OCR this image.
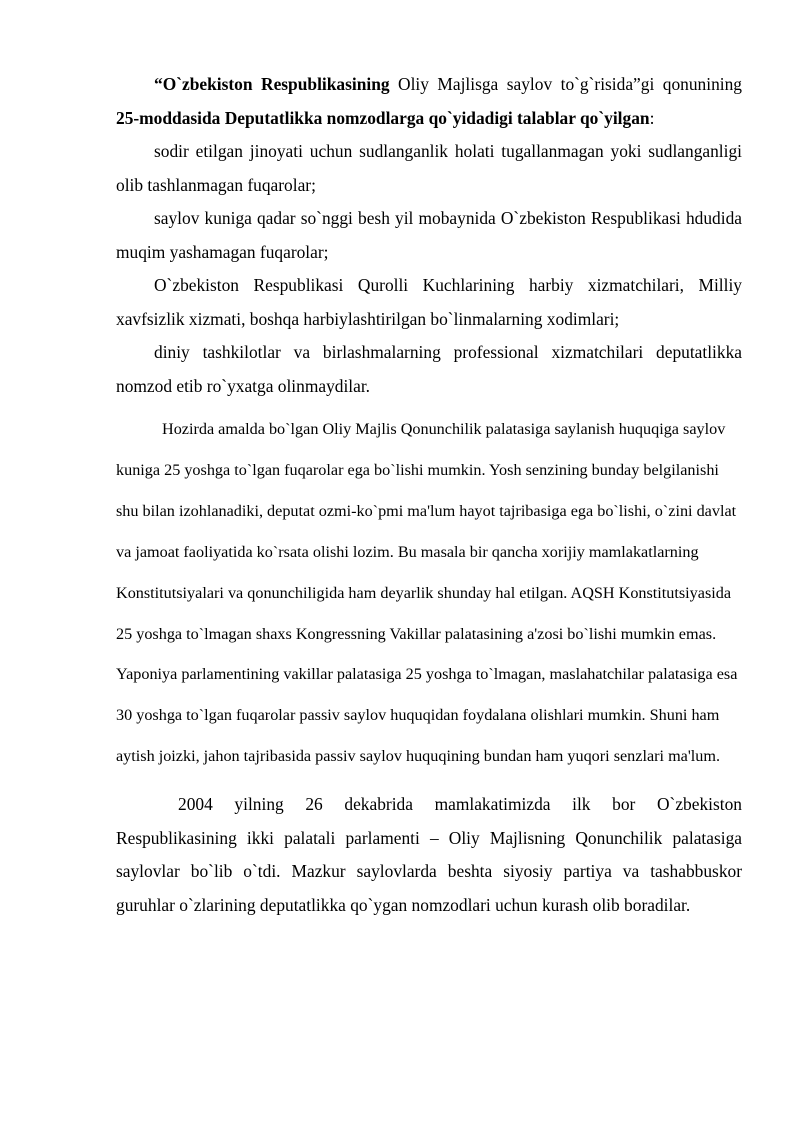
“O`zbekiston Respublikasining Oliy Majlisga saylov to`g`risida”gi qonunining 25-moddasida Deputatlikka nomzodlarga qo`yidadigi talablar qo`yilgan:

sodir etilgan jinoyati uchun sudlanganlik holati tugallanmagan yoki sudlanganligi olib tashlanmagan fuqarolar;

saylov kuniga qadar so`nggi besh yil mobaynida O`zbekiston Respublikasi hdudida muqim yashamagan fuqarolar;

O`zbekiston Respublikasi Qurolli Kuchlarining harbiy xizmatchilari, Milliy xavfsizlik xizmati, boshqa harbiylashtirilgan bo`linmalarning xodimlari;

diniy tashkilotlar va birlashmalarning professional xizmatchilari deputatlikka nomzod etib ro`yxatga olinmaydilar.

Hozirda amalda bo`lgan Oliy Majlis Qonunchilik palatasiga saylanish huquqiga saylov kuniga 25 yoshga to`lgan fuqarolar ega bo`lishi mumkin. Yosh senzining bunday belgilanishi shu bilan izohlanadiki, deputat ozmi-ko`pmi ma'lum hayot tajribasiga ega bo`lishi, o`zini davlat va jamoat faoliyatida ko`rsata olishi lozim. Bu masala bir qancha xorijiy mamlakatlarning Konstitutsiyalari va qonunchiligida ham deyarlik shunday hal etilgan. AQSH Konstitutsiyasida 25 yoshga to`lmagan shaxs Kongressning Vakillar palatasining a'zosi bo`lishi mumkin emas. Yaponiya parlamentining vakillar palatasiga 25 yoshga to`lmagan, maslahatchilar palatasiga esa 30 yoshga to`lgan fuqarolar passiv saylov huquqidan foydalana olishlari mumkin. Shuni ham aytish joizki, jahon tajribasida passiv saylov huquqining bundan ham yuqori senzlari ma'lum.

2004 yilning 26 dekabrida mamlakatimizda ilk bor O`zbekiston Respublikasining ikki palatali parlamenti – Oliy Majlisning Qonunchilik palatasiga saylovlar bo`lib o`tdi. Mazkur saylovlarda beshta siyosiy partiya va tashabbuskor guruhlar o`zlarining deputatlikka qo`ygan nomzodlari uchun kurash olib boradilar.
